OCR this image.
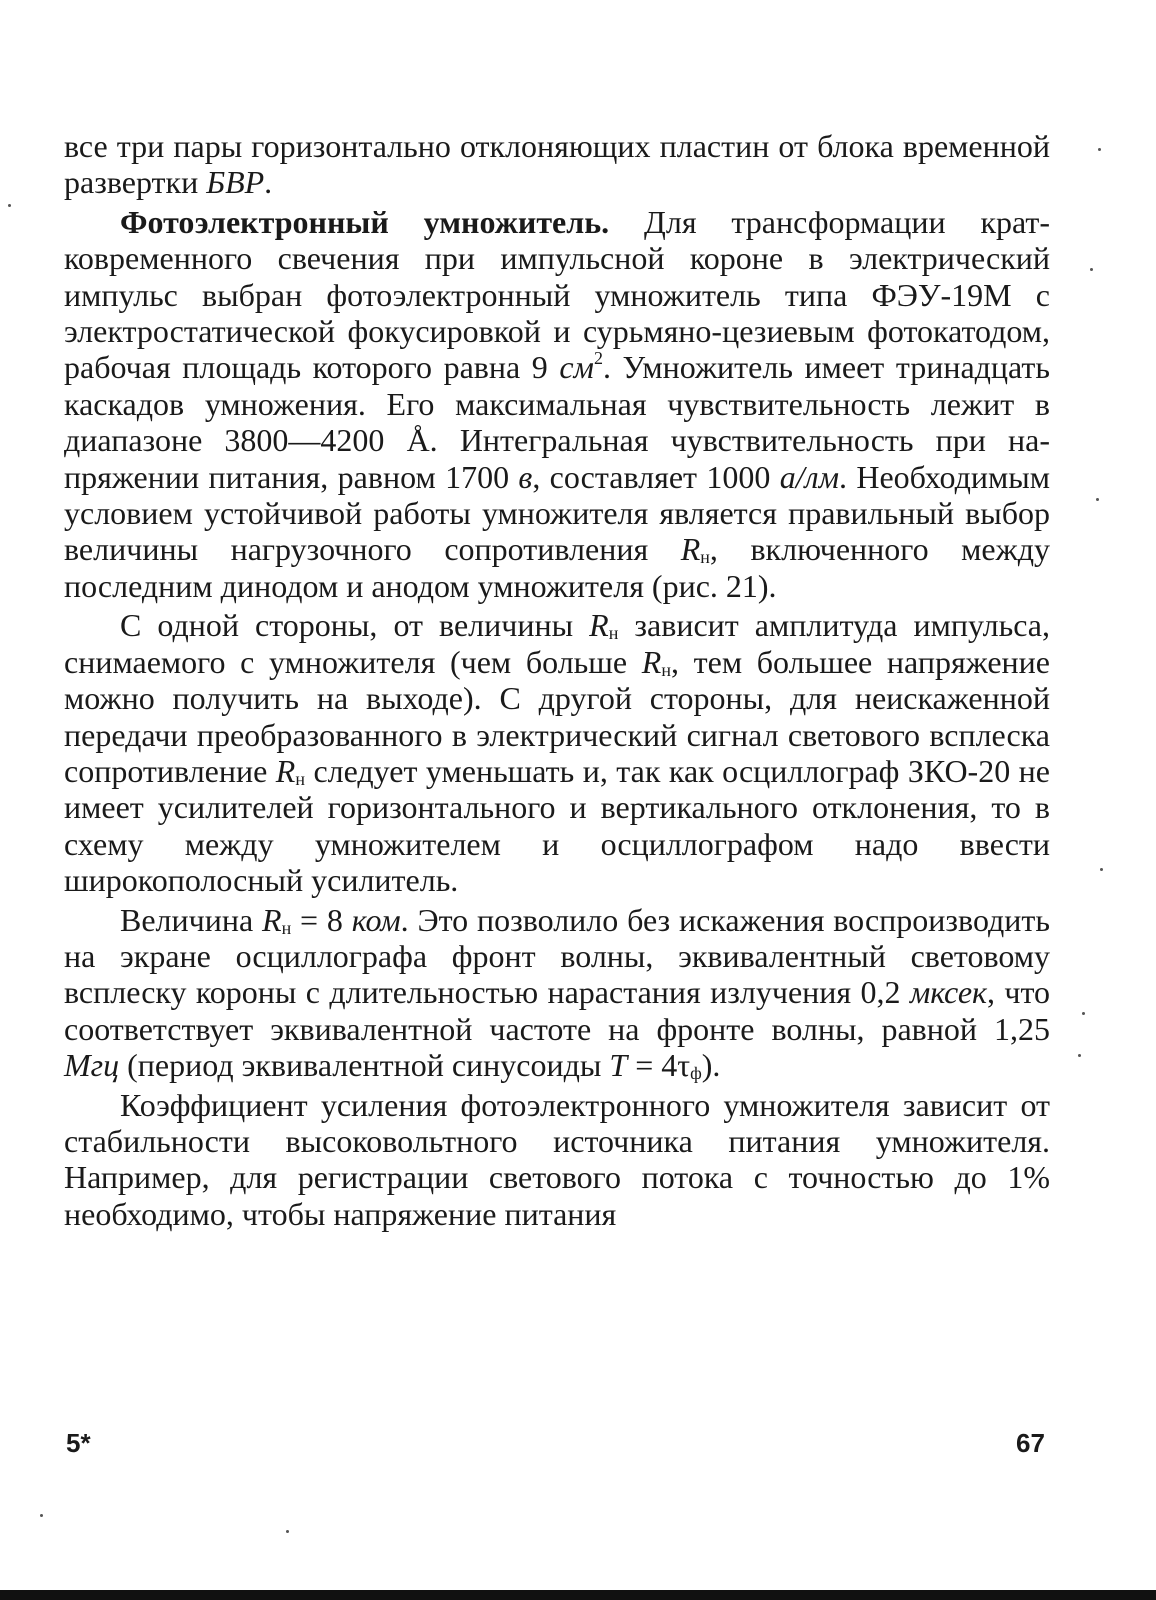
все три пары горизонтально отклоняющих пластин от блока временной развертки БВР.

Фотоэлектронный умножитель. Для трансформации кратковременного свечения при импульсной короне в электрический импульс выбран фотоэлектронный умножитель типа ФЭУ-19М с электростатической фокусировкой и сурьмяно-цезиевым фотокатодом, рабочая площадь которого равна 9 $см^2$. Умножитель имеет тринадцать каскадов умножения. Его максимальная чувствительность лежит в диапазоне 3800—4200 Å. Интегральная чувствительность при напряжении питания, равном 1700 в, составляет 1000 а/лм. Необходимым условием устойчивой работы умножителя является правильный выбор величины нагрузочного сопротивления $R_н$, включенного между последним динодом и анодом умножителя (рис. 21).

С одной стороны, от величины $R_н$ зависит амплитуда импульса, снимаемого с умножителя (чем больше $R_н$, тем большее напряжение можно получить на выходе). С другой стороны, для неискаженной передачи преобразованного в электрический сигнал светового всплеска сопротивление $R_н$ следует уменьшать и, так как осциллограф ЗКО-20 не имеет усилителей горизонтального и вертикального отклонения, то в схему между умножителем и осциллографом надо ввести широкополосный усилитель.

Величина $R_н = 8$ ком. Это позволило без искажения воспроизводить на экране осциллографа фронт волны, эквивалентный световому всплеску короны с длительностью нарастания излучения 0,2 мксек, что соответствует эквивалентной частоте на фронте волны, равной 1,25 Мгц (период эквивалентной синусоиды $T = 4\tau_ф$).

Коэффициент усиления фотоэлектронного умножителя зависит от стабильности высоковольтного источника питания умножителя. Например, для регистрации светового потока с точностью до 1% необходимо, чтобы напряжение питания

5*	67
